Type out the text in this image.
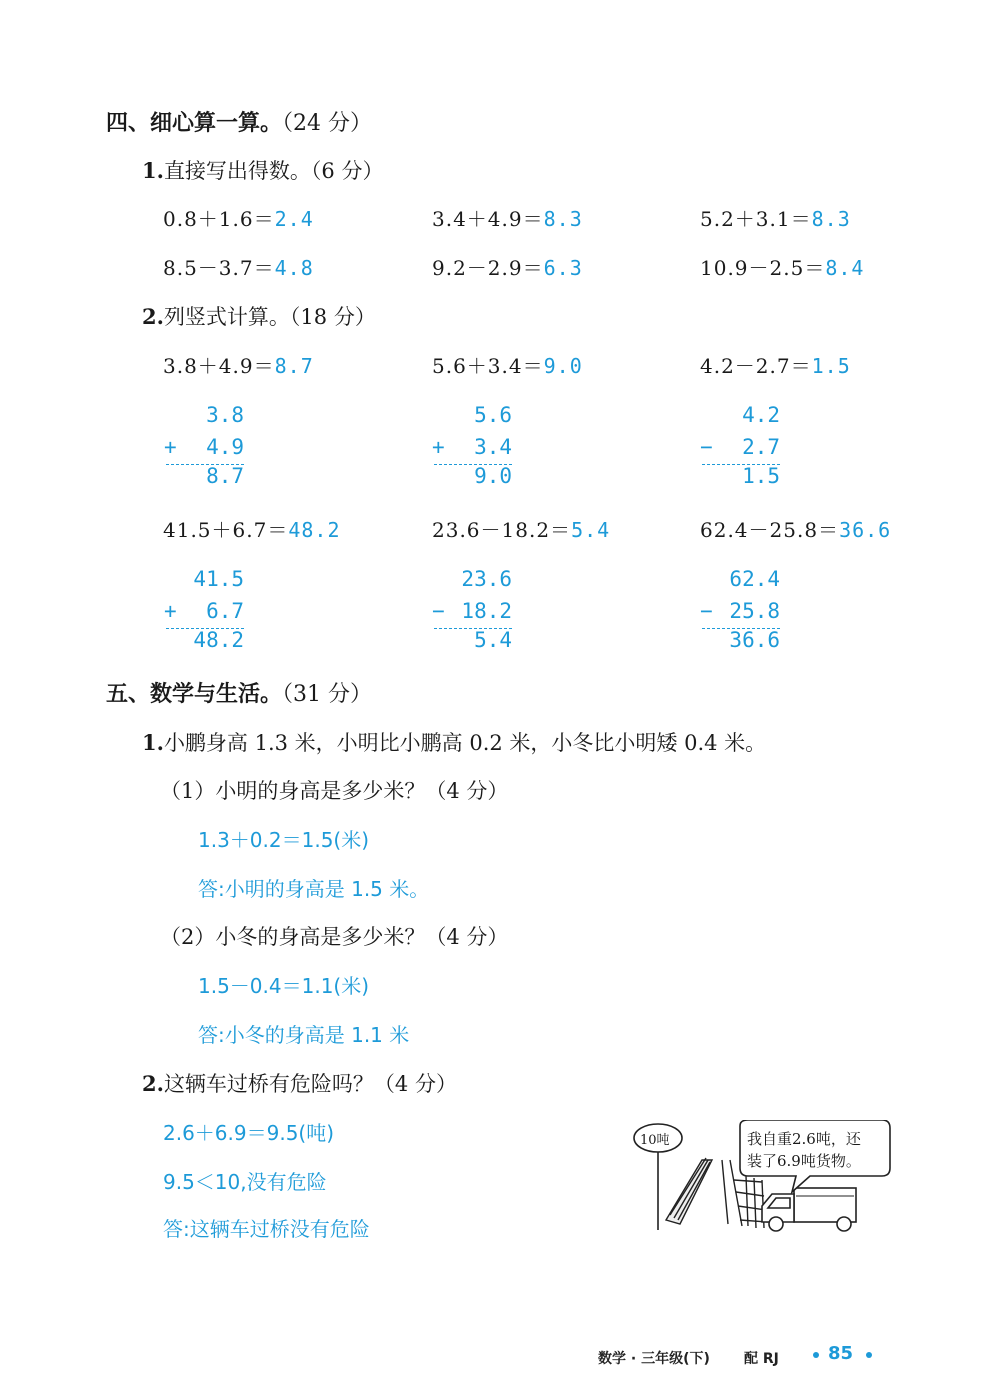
四、细心算一算。（24 分）
1.直接写出得数。（6 分）
0.8＋1.6＝2.4	3.4＋4.9＝8.3	5.2＋3.1＝8.3
8.5－3.7＝4.8	9.2－2.9＝6.3	10.9－2.5＝8.4
2.列竖式计算。（18 分）
3.8＋4.9＝8.7	5.6＋3.4＝9.0	4.2－2.7＝1.5
3.8
+ 4.9
8.7
5.6
+ 3.4
9.0
4.2
− 2.7
1.5
41.5＋6.7＝48.2	23.6－18.2＝5.4	62.4－25.8＝36.6
41.5
+ 6.7
48.2
23.6
− 18.2
5.4
62.4
− 25.8
36.6
五、数学与生活。（31 分）
1.小鹏身高 1.3 米，小明比小鹏高 0.2 米，小冬比小明矮 0.4 米。
（1）小明的身高是多少米？（4 分）
1.3＋0.2＝1.5(米)
答:小明的身高是 1.5 米。
（2）小冬的身高是多少米？（4 分）
1.5－0.4＝1.1(米)
答:小冬的身高是 1.1 米
2.这辆车过桥有危险吗？（4 分）
2.6＋6.9＝9.5(吨)
9.5＜10,没有危险
答:这辆车过桥没有危险
10吨	我自重2.6吨，还
装了6.9吨货物。
数学 · 三年级(下) 配 RJ	85
